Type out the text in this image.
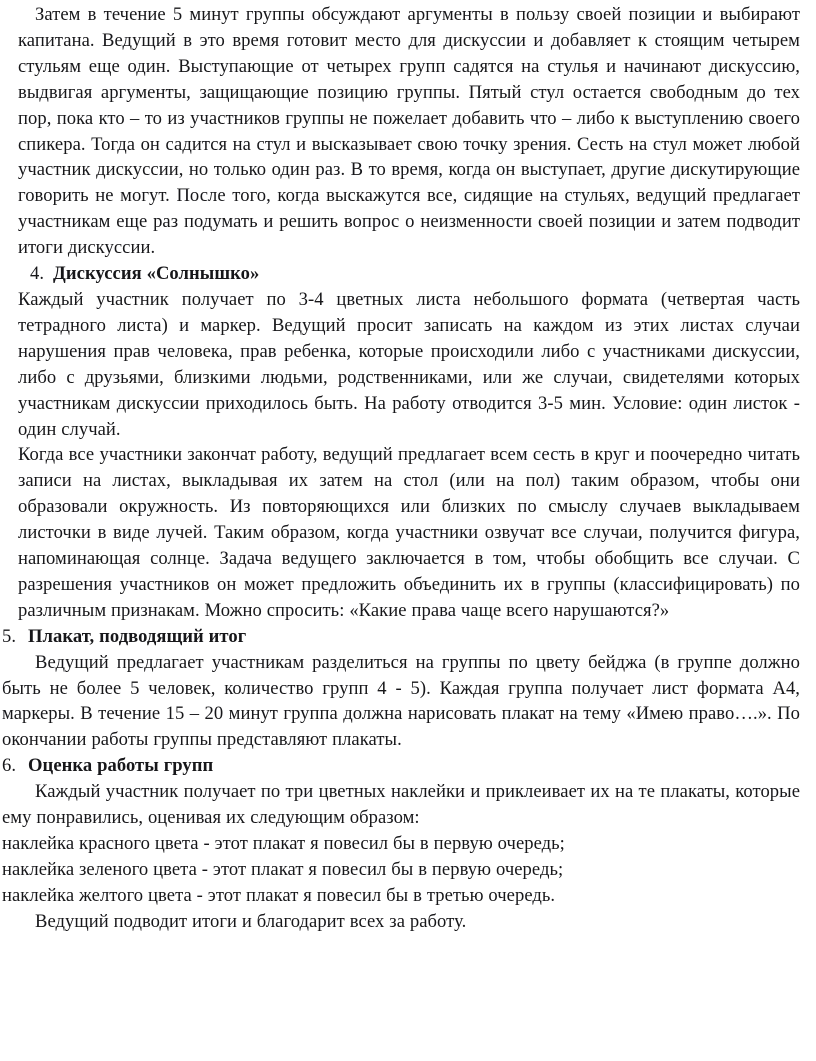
Затем в течение 5 минут группы обсуждают аргументы в пользу своей позиции и выбирают капитана. Ведущий в это время готовит место для дискуссии и добавляет к стоящим четырем стульям еще один. Выступающие от четырех групп садятся на стулья и начинают дискуссию, выдвигая аргументы, защищающие позицию группы. Пятый стул остается свободным до тех пор, пока кто – то из участников группы не пожелает добавить что – либо к выступлению своего спикера. Тогда он садится на стул и высказывает свою точку зрения. Сесть на стул может любой участник дискуссии, но только один раз. В то время, когда он выступает, другие дискутирующие говорить не могут. После того, когда выскажутся все, сидящие на стульях, ведущий предлагает участникам еще раз подумать и решить вопрос о неизменности своей позиции и затем подводит итоги дискуссии.

4. Дискуссия «Солнышко»

Каждый участник получает по 3-4 цветных листа небольшого формата (четвертая часть тетрадного листа) и маркер. Ведущий просит записать на каждом из этих листах случаи нарушения прав человека, прав ребенка, которые происходили либо с участниками дискуссии, либо с друзьями, близкими людьми, родственниками, или же случаи, свидетелями которых участникам дискуссии приходилось быть. На работу отводится 3-5 мин. Условие: один листок - один случай.

Когда все участники закончат работу, ведущий предлагает всем сесть в круг и поочередно читать записи на листах, выкладывая их затем на стол (или на пол) таким образом, чтобы они образовали окружность. Из повторяющихся или близких по смыслу случаев выкладываем листочки в виде лучей. Таким образом, когда участники озвучат все случаи, получится фигура, напоминающая солнце. Задача ведущего заключается в том, чтобы обобщить все случаи. С разрешения участников он может предложить объединить их в группы (классифицировать) по различным признакам. Можно спросить: «Какие права чаще всего нарушаются?»

5. Плакат, подводящий итог

Ведущий предлагает участникам разделиться на группы по цвету бейджа (в группе должно быть не более 5 человек, количество групп 4 - 5). Каждая группа получает лист формата А4, маркеры. В течение 15 – 20 минут группа должна нарисовать плакат на тему «Имею право….». По окончании работы группы представляют плакаты.

6. Оценка работы групп

Каждый участник получает по три цветных наклейки и приклеивает их на те плакаты, которые ему понравились, оценивая их следующим образом:

наклейка красного цвета - этот плакат я повесил бы в первую очередь;

наклейка зеленого цвета - этот плакат я повесил бы в первую очередь;

наклейка желтого цвета - этот плакат я повесил бы в третью очередь.

Ведущий подводит итоги и благодарит всех за работу.
